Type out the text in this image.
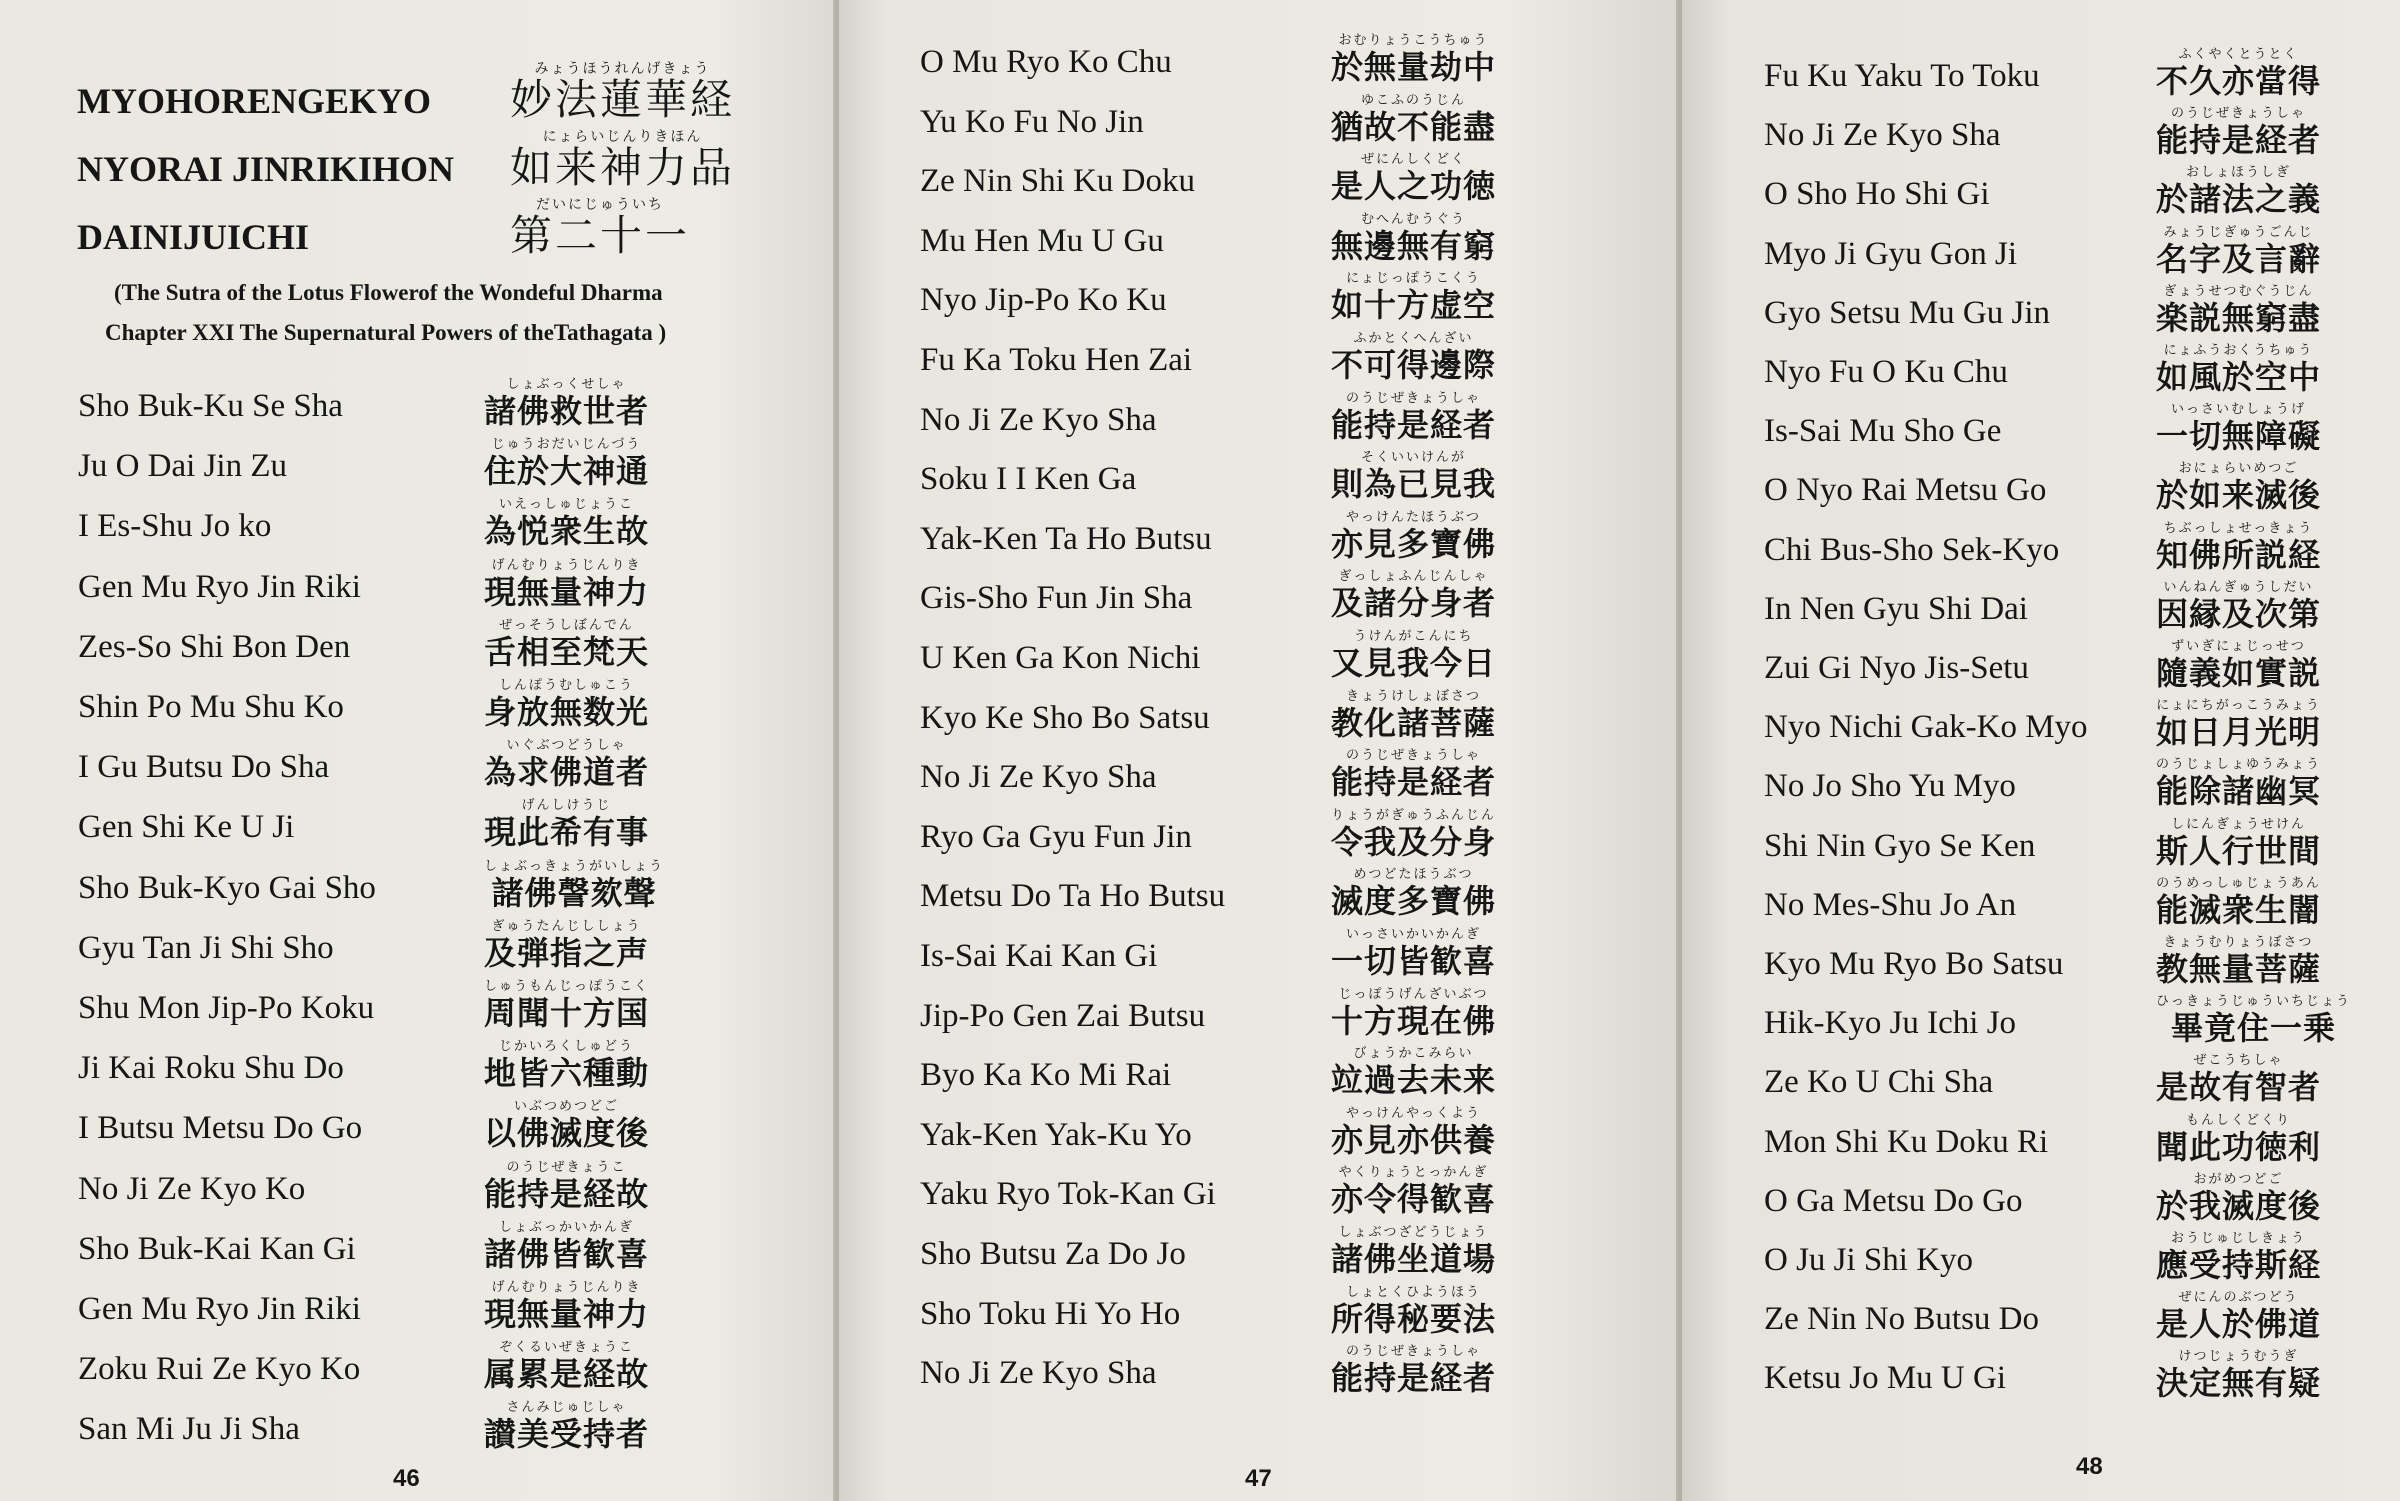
MYOHORENGEKYO
みょうほうれんげきょう
妙法蓮華経
NYORAI JINRIKIHON
にょらいじんりきほん
如来神力品
DAINIJUICHI
だいにじゅういち
第二十一
(The Sutra of the Lotus Flowerof the Wondeful Dharma
Chapter XXI The Supernatural Powers of theTathagata )
Sho Buk-Ku Se Sha
しょぶっくせしゃ
諸佛救世者
Ju O Dai Jin Zu
じゅうおだいじんづう
住於大神通
I Es-Shu Jo ko
いえっしゅじょうこ
為悦衆生故
Gen Mu Ryo Jin Riki
げんむりょうじんりき
現無量神力
Zes-So Shi Bon Den
ぜっそうしぼんでん
舌相至梵天
Shin Po Mu Shu Ko
しんぽうむしゅこう
身放無数光
I Gu Butsu Do Sha
いぐぶつどうしゃ
為求佛道者
Gen Shi Ke U Ji
げんしけうじ
現此希有事
Sho Buk-Kyo Gai Sho
しょぶっきょうがいしょう
諸佛謦欬聲
Gyu Tan Ji Shi Sho
ぎゅうたんじししょう
及弾指之声
Shu Mon Jip-Po Koku
しゅうもんじっぽうこく
周聞十方国
Ji Kai Roku Shu Do
じかいろくしゅどう
地皆六種動
I Butsu Metsu Do Go
いぶつめつどご
以佛滅度後
No Ji Ze Kyo Ko
のうじぜきょうこ
能持是経故
Sho Buk-Kai Kan Gi
しょぶっかいかんぎ
諸佛皆歓喜
Gen Mu Ryo Jin Riki
げんむりょうじんりき
現無量神力
Zoku Rui Ze Kyo Ko
ぞくるいぜきょうこ
属累是経故
San Mi Ju Ji Sha
さんみじゅじしゃ
讃美受持者
46
O Mu Ryo Ko Chu
おむりょうこうちゅう
於無量劫中
Yu Ko Fu No Jin
ゆこふのうじん
猶故不能盡
Ze Nin Shi Ku Doku
ぜにんしくどく
是人之功徳
Mu Hen Mu U Gu
むへんむうぐう
無邊無有窮
Nyo Jip-Po Ko Ku
にょじっぽうこくう
如十方虚空
Fu Ka Toku Hen Zai
ふかとくへんざい
不可得邊際
No Ji Ze Kyo Sha
のうじぜきょうしゃ
能持是経者
Soku I I Ken Ga
そくいいけんが
則為已見我
Yak-Ken Ta Ho Butsu
やっけんたほうぶつ
亦見多寶佛
Gis-Sho Fun Jin Sha
ぎっしょふんじんしゃ
及諸分身者
U Ken Ga Kon Nichi
うけんがこんにち
又見我今日
Kyo Ke Sho Bo Satsu
きょうけしょぼさつ
教化諸菩薩
No Ji Ze Kyo Sha
のうじぜきょうしゃ
能持是経者
Ryo Ga Gyu Fun Jin
りょうがぎゅうふんじん
令我及分身
Metsu Do Ta Ho Butsu
めつどたほうぶつ
滅度多寶佛
Is-Sai Kai Kan Gi
いっさいかいかんぎ
一切皆歓喜
Jip-Po Gen Zai Butsu
じっぽうげんざいぶつ
十方現在佛
Byo Ka Ko Mi Rai
びょうかこみらい
竝過去未来
Yak-Ken Yak-Ku Yo
やっけんやっくよう
亦見亦供養
Yaku Ryo Tok-Kan Gi
やくりょうとっかんぎ
亦令得歓喜
Sho Butsu Za Do Jo
しょぶつざどうじょう
諸佛坐道場
Sho Toku Hi Yo Ho
しょとくひようほう
所得秘要法
No Ji Ze Kyo Sha
のうじぜきょうしゃ
能持是経者
47
Fu Ku Yaku To Toku
ふくやくとうとく
不久亦當得
No Ji Ze Kyo Sha
のうじぜきょうしゃ
能持是経者
O Sho Ho Shi Gi
おしょほうしぎ
於諸法之義
Myo Ji Gyu Gon Ji
みょうじぎゅうごんじ
名字及言辭
Gyo Setsu Mu Gu Jin
ぎょうせつむぐうじん
楽説無窮盡
Nyo Fu O Ku Chu
にょふうおくうちゅう
如風於空中
Is-Sai Mu Sho Ge
いっさいむしょうげ
一切無障礙
O Nyo Rai Metsu Go
おにょらいめつご
於如来滅後
Chi Bus-Sho Sek-Kyo
ちぶっしょせっきょう
知佛所説経
In Nen Gyu Shi Dai
いんねんぎゅうしだい
因縁及次第
Zui Gi Nyo Jis-Setu
ずいぎにょじっせつ
隨義如實説
Nyo Nichi Gak-Ko Myo
にょにちがっこうみょう
如日月光明
No Jo Sho Yu Myo
のうじょしょゆうみょう
能除諸幽冥
Shi Nin Gyo Se Ken
しにんぎょうせけん
斯人行世間
No Mes-Shu Jo An
のうめっしゅじょうあん
能滅衆生闇
Kyo Mu Ryo Bo Satsu
きょうむりょうぼさつ
教無量菩薩
Hik-Kyo Ju Ichi Jo
ひっきょうじゅういちじょう
畢竟住一乗
Ze Ko U Chi Sha
ぜこうちしゃ
是故有智者
Mon Shi Ku Doku Ri
もんしくどくり
聞此功徳利
O Ga Metsu Do Go
おがめつどご
於我滅度後
O Ju Ji Shi Kyo
おうじゅじしきょう
應受持斯経
Ze Nin No Butsu Do
ぜにんのぶつどう
是人於佛道
Ketsu Jo Mu U Gi
けつじょうむうぎ
決定無有疑
48
